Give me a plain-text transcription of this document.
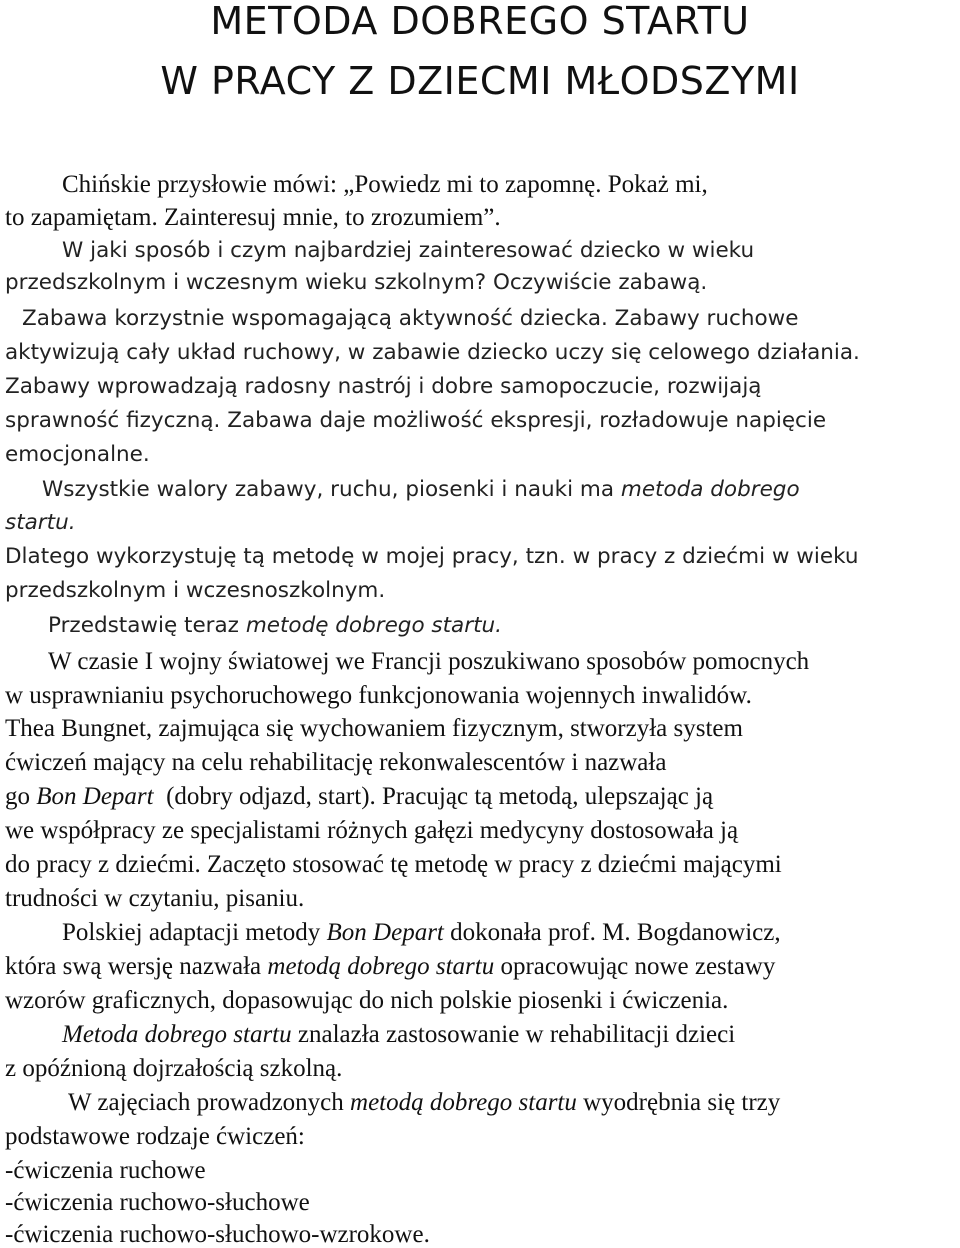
METODA DOBREGO STARTU
W PRACY Z DZIECMI MŁODSZYMI
Chińskie przysłowie mówi: „Powiedz mi to zapomnę. Pokaż mi,
to zapamiętam. Zainteresuj mnie, to zrozumiem”.
W jaki sposób i czym najbardziej zainteresować dziecko w wieku
przedszkolnym i wczesnym wieku szkolnym? Oczywiście zabawą.
Zabawa korzystnie wspomagającą aktywność dziecka. Zabawy ruchowe
aktywizują cały układ ruchowy, w zabawie dziecko uczy się celowego działania.
Zabawy wprowadzają radosny nastrój i dobre samopoczucie, rozwijają
sprawność fizyczną. Zabawa daje możliwość ekspresji, rozładowuje napięcie
emocjonalne.
Wszystkie walory zabawy, ruchu, piosenki i nauki ma metoda dobrego
startu.
Dlatego wykorzystuję tą metodę w mojej pracy, tzn. w pracy z dziećmi w wieku
przedszkolnym i wczesnoszkolnym.
Przedstawię teraz metodę dobrego startu.
W czasie I wojny światowej we Francji poszukiwano sposobów pomocnych
w usprawnianiu psychoruchowego funkcjonowania wojennych inwalidów.
Thea Bungnet, zajmująca się wychowaniem fizycznym, stworzyła system
ćwiczeń mający na celu rehabilitację rekonwalescentów i nazwała
go Bon Depart  (dobry odjazd, start). Pracując tą metodą, ulepszając ją
we współpracy ze specjalistami różnych gałęzi medycyny dostosowała ją
do pracy z dziećmi. Zaczęto stosować tę metodę w pracy z dziećmi mającymi
trudności w czytaniu, pisaniu.
Polskiej adaptacji metody Bon Depart dokonała prof. M. Bogdanowicz,
która swą wersję nazwała metodą dobrego startu opracowując nowe zestawy
wzorów graficznych, dopasowując do nich polskie piosenki i ćwiczenia.
Metoda dobrego startu znalazła zastosowanie w rehabilitacji dzieci
z opóźnioną dojrzałością szkolną.
W zajęciach prowadzonych metodą dobrego startu wyodrębnia się trzy
podstawowe rodzaje ćwiczeń:
-ćwiczenia ruchowe
-ćwiczenia ruchowo-słuchowe
-ćwiczenia ruchowo-słuchowo-wzrokowe.
